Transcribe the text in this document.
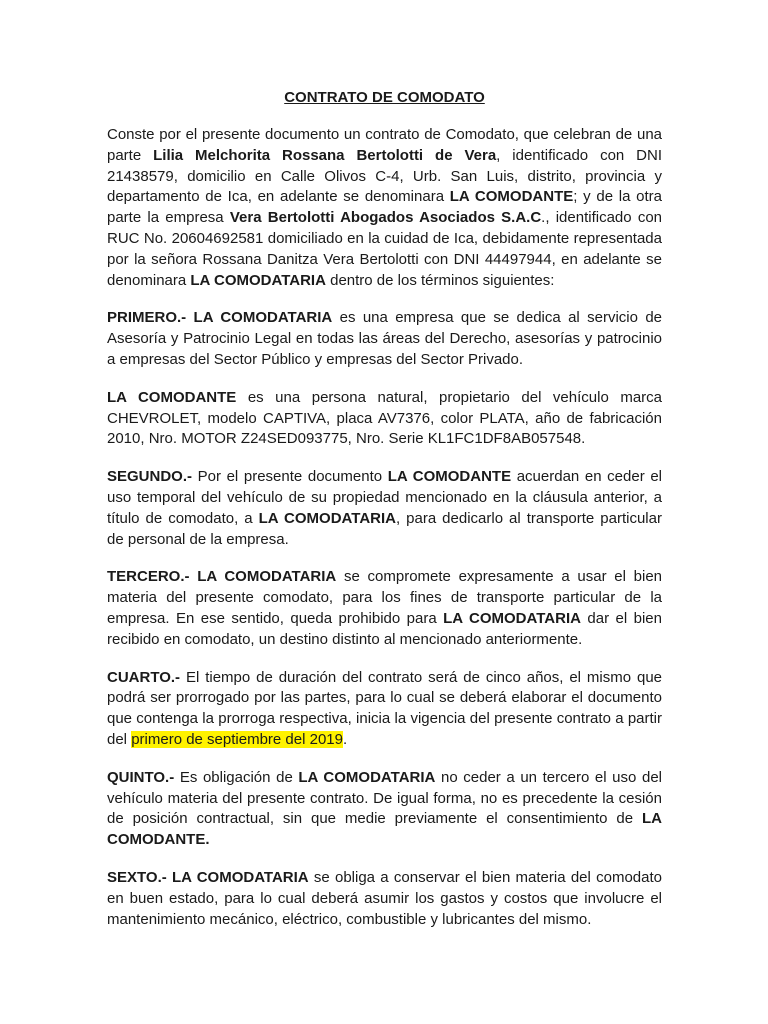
CONTRATO DE COMODATO

Conste por el presente documento un contrato de Comodato, que celebran de una parte Lilia Melchorita Rossana Bertolotti de Vera, identificado con DNI 21438579, domicilio en Calle Olivos C-4, Urb. San Luis, distrito, provincia y departamento de Ica, en adelante se denominara LA COMODANTE; y de la otra parte la empresa Vera Bertolotti Abogados Asociados S.A.C., identificado con RUC No. 20604692581 domiciliado en la cuidad de Ica, debidamente representada por la señora Rossana Danitza Vera Bertolotti con DNI 44497944, en adelante se denominara LA COMODATARIA dentro de los términos siguientes:

PRIMERO.- LA COMODATARIA es una empresa que se dedica al servicio de Asesoría y Patrocinio Legal en todas las áreas del Derecho, asesorías y patrocinio a empresas del Sector Público y empresas del Sector Privado.

LA COMODANTE es una persona natural, propietario del vehículo marca CHEVROLET, modelo CAPTIVA, placa AV7376, color PLATA, año de fabricación 2010, Nro. MOTOR Z24SED093775, Nro. Serie KL1FC1DF8AB057548.

SEGUNDO.- Por el presente documento LA COMODANTE acuerdan en ceder el uso temporal del vehículo de su propiedad mencionado en la cláusula anterior, a título de comodato, a LA COMODATARIA, para dedicarlo al transporte particular de personal de la empresa.

TERCERO.- LA COMODATARIA se compromete expresamente a usar el bien materia del presente comodato, para los fines de transporte particular de la empresa. En ese sentido, queda prohibido para LA COMODATARIA dar el bien recibido en comodato, un destino distinto al mencionado anteriormente.

CUARTO.- El tiempo de duración del contrato será de cinco años, el mismo que podrá ser prorrogado por las partes, para lo cual se deberá elaborar el documento que contenga la prorroga respectiva, inicia la vigencia del presente contrato a partir del primero de septiembre del 2019.

QUINTO.- Es obligación de LA COMODATARIA no ceder a un tercero el uso del vehículo materia del presente contrato. De igual forma, no es precedente la cesión de posición contractual, sin que medie previamente el consentimiento de LA COMODANTE.

SEXTO.- LA COMODATARIA se obliga a conservar el bien materia del comodato en buen estado, para lo cual deberá asumir los gastos y costos que involucre el mantenimiento mecánico, eléctrico, combustible y lubricantes del mismo.
